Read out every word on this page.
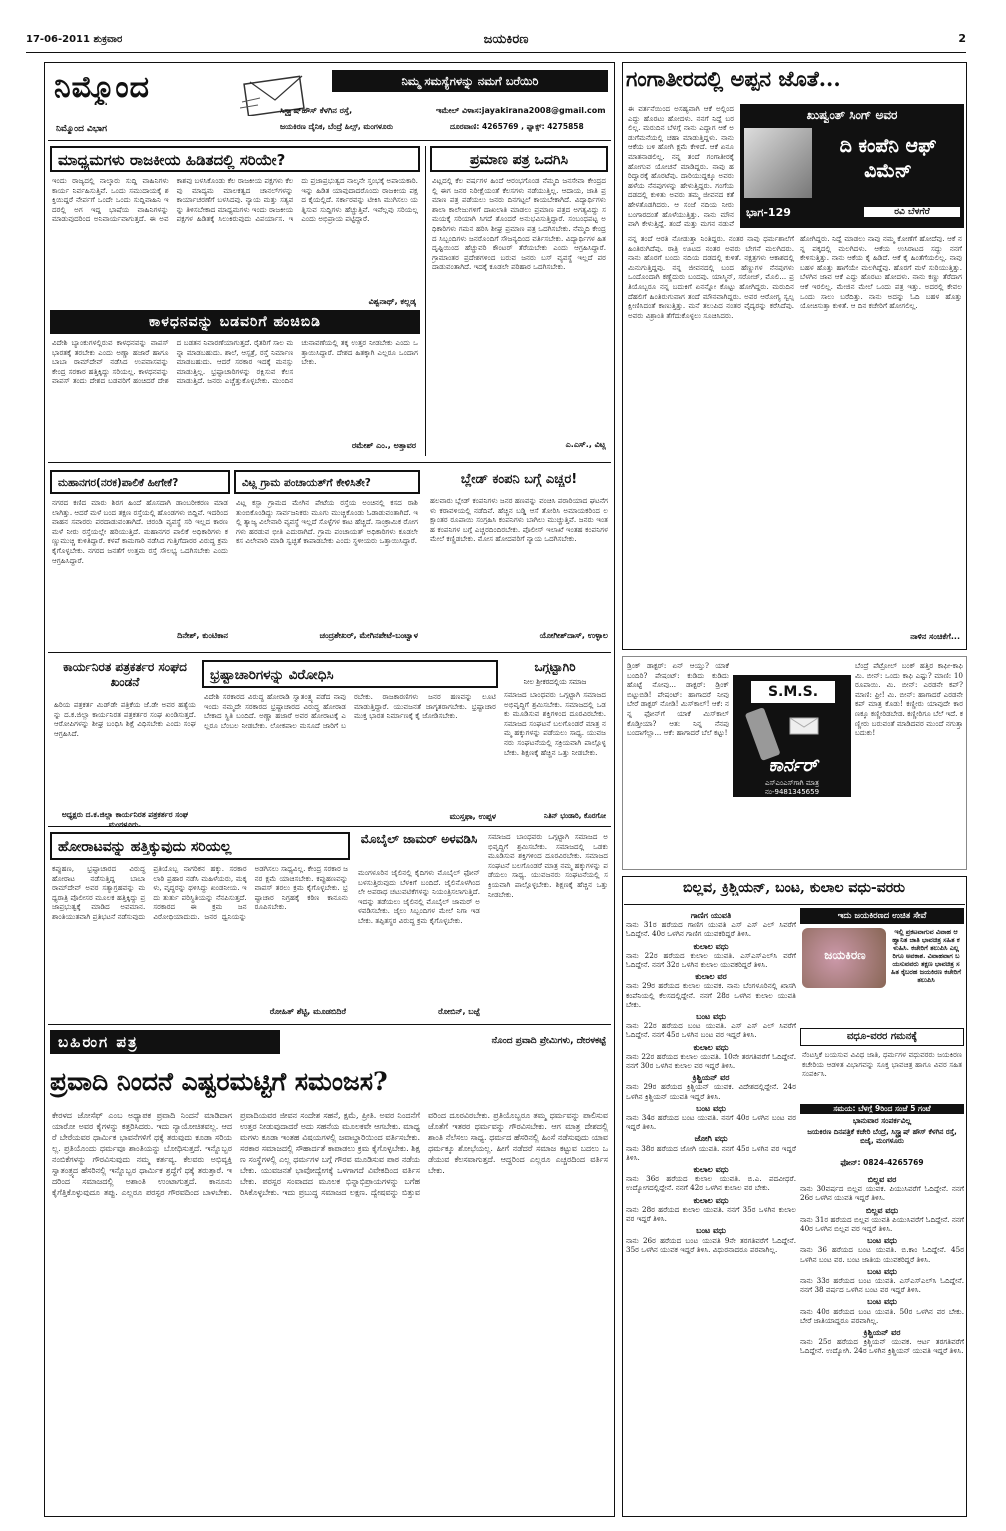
17-06-2011 ಶುಕ್ರವಾರ	ಜಯಕಿರಣ	2
ನಿಮ್ಮೊಂದ	ನಿಮ್ಮ ಸಮಸ್ಯೆಗಳನ್ನು ನಮಗೆ ಬರೆಯಿರಿ
ಸಿಸ್ಟ್ರ್ಯಾಷ್‌ಹೌಸ್ ಕೆಳಗಿನ ರಸ್ತೆ,	ಇಮೇಲ್ ವಿಳಾಸ:jayakirana2008@gmail.com
ಜಯಕಿರಣ ದೈನಿಕ, ಬೆಂದ್ರೆ ಹಿಲ್ಸ್, ಮಂಗಳೂರು	ದೂರವಾಣಿ: 4265769 , ಫ್ಯಾಕ್ಸ್: 4275858
ನಿಮ್ಮೊಂದ ವಿಭಾಗ
ಮಾಧ್ಯಮಗಳು ರಾಜಕೀಯ ಹಿಡಿತದಲ್ಲಿ ಸರಿಯೇ?
ಇಂದು ರಾಜ್ಯದಲ್ಲಿ ನಾಲ್ಕಾರು ಸುದ್ದಿ ವಾಹಿನಿಗಳು ಕಾರ್ಯ ನಿರ್ವಹಿಸುತ್ತಿವೆ. ಒಂದು ಸಮುದಾಯಕ್ಕೆ ಶಕ್ತಿಯಿದ್ದರೆ ನೇರ್ಪಗೆ ಒಂದೇ ಒಂದು ಸುದ್ದಿವಾಹಿನಿ ಇದರಲ್ಲಿ ಅಗ ಇದ್ದ ಭಾಷೆಯ ವಾಹಿನಿಗಳನ್ನು ಮಾಡುವುದರಿಂದ ಅನಿವಾರ್ಯವಾಗುತ್ತದೆ. ಈ ಅವಕಾಶವು ಬಳಸಿಕೊಂಡು ಕೆಲ ರಾಜಕೀಯ ಪಕ್ಷಗಳು ಕೆಲವು ಮಾದ್ಯಮ ಮಾಲಕತ್ವದ ಚಾನಲ್‌ಗಳನ್ನು ಕಾರ್ಯಾಚರಣೆಗೆ ಬಳಸಿದವು. ನ್ಯಾಯ ಮತ್ತು ಸತ್ಯವನ್ನು ತಿಳಿಸಬೇಕಾದ ಮಾಧ್ಯಮಗಳು ಇಂದು ರಾಜಕೀಯ ಪಕ್ಷಗಳ ಹಿಡಿತಕ್ಕೆ ಸಿಲುಕಿರುವುದು ವಿಪರ್ಯಾಸ. ಇದು ಪ್ರಜಾಪ್ರಭುತ್ವದ ನಾಲ್ಕನೇ ಸ್ತಂಭಕ್ಕೆ ಅಪಾಯಕಾರಿ. ಇನ್ನು ಹಿಡಿತ ಯಾವುದಾದರೊಂದು ರಾಜಕೀಯ ಪಕ್ಷದ ಕೈಯಲ್ಲಿದೆ. ಸರ್ಕಾರವನ್ನು ಟೀಕಿಸಿ ಮುಗಿಸಲು ಯತ್ನಿಸುವ ಸುದ್ದಿಗಳು ಹೆಚ್ಚುತ್ತಿವೆ. ಇವೆಲ್ಲವು ಸರಿಯಲ್ಲ ಎಂದು ಅಭಿಪ್ರಾಯ ಪಟ್ಟಿದ್ದಾರೆ.
ವಿಶ್ವನಾಥ್, ಕಲ್ಲಡ್ಕ
ಕಾಳಧನವನ್ನು ಬಡವರಿಗೆ ಹಂಚಿಬಿಡಿ
ವಿದೇಶಿ ಬ್ಯಾಂಕುಗಳಲ್ಲಿರುವ ಕಾಳಧನವನ್ನು ವಾಪಸ್ ಭಾರತಕ್ಕೆ ತರಬೇಕು ಎಂದು ಅಣ್ಣಾ ಹಜಾರೆ ಹಾಗೂ ಬಾಬಾ ರಾಮ್‌ದೇವ್ ನಡೆಸಿದ ಉಪವಾಸವನ್ನು ಕೇಂದ್ರ ಸರಕಾರ ಹತ್ತಿಕ್ಕಿದ್ದು ಸರಿಯಲ್ಲ. ಕಾಳಧನವನ್ನು ವಾಪಸ್ ತಂದು ದೇಶದ ಬಡವರಿಗೆ ಹಂಚಿದರೆ ದೇಶದ ಬಡತನ ನಿವಾರಣೆಯಾಗುತ್ತದೆ. ರೈತರಿಗೆ ಸಾಲ ಮನ್ನಾ ಮಾಡಬಹುದು. ಶಾಲೆ, ಆಸ್ಪತ್ರೆ, ರಸ್ತೆ ನಿರ್ಮಾಣ ಮಾಡಬಹುದು. ಆದರೆ ಸರಕಾರ ಇದಕ್ಕೆ ಮನಸ್ಸು ಮಾಡುತ್ತಿಲ್ಲ. ಭ್ರಷ್ಟಾಚಾರಿಗಳನ್ನು ರಕ್ಷಿಸುವ ಕೆಲಸ ಮಾಡುತ್ತಿದೆ. ಜನರು ಎಚ್ಚೆತ್ತುಕೊಳ್ಳಬೇಕು. ಮುಂದಿನ ಚುನಾವಣೆಯಲ್ಲಿ ತಕ್ಕ ಉತ್ತರ ನೀಡಬೇಕು ಎಂದು ಒತ್ತಾಯಿಸಿದ್ದಾರೆ. ದೇಶದ ಹಿತಕ್ಕಾಗಿ ಎಲ್ಲರೂ ಒಂದಾಗಬೇಕು.
ರಮೇಶ್ ಎಂ., ಅತ್ತಾವರ
ಪ್ರಮಾಣ ಪತ್ರ ಒದಗಿಸಿ
ವಿಟ್ಲದಲ್ಲಿ ಕೆಲ ವರ್ಷಗಳ ಹಿಂದೆ ಆರಂಭಗೊಂಡ ನೆಮ್ಮದಿ ಜನಸೇವಾ ಕೇಂದ್ರದಲ್ಲಿ ಈಗ ಜನರ ನಿರೀಕ್ಷೆಯಂತೆ ಕೆಲಸಗಳು ನಡೆಯುತ್ತಿಲ್ಲ. ಆದಾಯ, ಜಾತಿ ಪ್ರಮಾಣ ಪತ್ರ ಪಡೆಯಲು ಜನರು ದಿನಗಟ್ಟಲೆ ಕಾಯಬೇಕಾಗಿದೆ. ವಿದ್ಯಾರ್ಥಿಗಳು ಶಾಲಾ ಕಾಲೇಜುಗಳಿಗೆ ದಾಖಲಾತಿ ಮಾಡಲು ಪ್ರಮಾಣ ಪತ್ರದ ಅಗತ್ಯವಿದ್ದು ಸಮಯಕ್ಕೆ ಸರಿಯಾಗಿ ಸಿಗದೆ ತೊಂದರೆ ಅನುಭವಿಸುತ್ತಿದ್ದಾರೆ. ಸಂಬಂಧಪಟ್ಟ ಅಧಿಕಾರಿಗಳು ಗಮನ ಹರಿಸಿ ಶೀಘ್ರ ಪ್ರಮಾಣ ಪತ್ರ ಒದಗಿಸಬೇಕು. ನೆಮ್ಮದಿ ಕೇಂದ್ರದ ಸಿಬ್ಬಂದಿಗಳು ಜನರೊಂದಿಗೆ ಸೌಜನ್ಯದಿಂದ ವರ್ತಿಸಬೇಕು. ವಿದ್ಯಾರ್ಥಿಗಳ ಹಿತದೃಷ್ಟಿಯಿಂದ ಹೆಚ್ಚುವರಿ ಕೌಂಟರ್ ತೆರೆಯಬೇಕು ಎಂದು ಆಗ್ರಹಿಸಿದ್ದಾರೆ. ಗ್ರಾಮಾಂತರ ಪ್ರದೇಶಗಳಿಂದ ಬರುವ ಜನರು ಬಸ್ ವ್ಯವಸ್ಥೆ ಇಲ್ಲದೆ ಪರದಾಡುವಂತಾಗಿದೆ. ಇದಕ್ಕೆ ಕೂಡಲೇ ಪರಿಹಾರ ಒದಗಿಸಬೇಕು.
ಎ.ಎಸ್., ವಿಟ್ಲ
ಮಹಾನಗರ(ನರಕ)ಪಾಲಿಕೆ ಹೀಗೇಕೆ?
ನಗರದ ಕಣಿದ ಮಾರು ಶಿರಗ ಹಿಂದೆ ಹೊಸದಾಗಿ ಡಾಂಬರೀಕರಣ ಮಾಡಲಾಗಿತ್ತು. ಆದರೆ ಮಳೆ ಬಂದ ತಕ್ಷಣ ರಸ್ತೆಯಲ್ಲಿ ಹೊಂಡಗಳು ಬಿದ್ದಿವೆ. ಇದರಿಂದ ವಾಹನ ಸವಾರರು ಪರದಾಡುವಂತಾಗಿದೆ. ಚರಂಡಿ ವ್ಯವಸ್ಥೆ ಸರಿ ಇಲ್ಲದ ಕಾರಣ ಮಳೆ ನೀರು ರಸ್ತೆಯಲ್ಲೇ ಹರಿಯುತ್ತಿದೆ. ಮಹಾನಗರ ಪಾಲಿಕೆ ಅಧಿಕಾರಿಗಳು ಕಣ್ಣುಮುಚ್ಚಿ ಕುಳಿತಿದ್ದಾರೆ. ಕಳಪೆ ಕಾಮಗಾರಿ ನಡೆಸಿದ ಗುತ್ತಿಗೆದಾರರ ವಿರುದ್ಧ ಕ್ರಮ ಕೈಗೊಳ್ಳಬೇಕು. ನಗರದ ಜನತೆಗೆ ಉತ್ತಮ ರಸ್ತೆ ಸೌಲಭ್ಯ ಒದಗಿಸಬೇಕು ಎಂದು ಆಗ್ರಹಿಸಿದ್ದಾರೆ.
ದಿನೇಶ್, ಕುಂಟಿಕಾನ
ವಿಟ್ಲ ಗ್ರಾಮ ಪಂಚಾಯತ್‌ಗೆ ಕೇಳಿಸಿತೇ?
ವಿಟ್ಲ ಕಸ್ಬಾ ಗ್ರಾಮದ ಮೇಗಿನ ಪೇಟೆಯ ರಸ್ತೆಯ ಅಂಚಿನಲ್ಲಿ ಕಸದ ರಾಶಿ ತುಂಬಿಕೊಂಡಿದ್ದು ಸಾರ್ವಜನಿಕರು ಮೂಗು ಮುಚ್ಚಿಕೊಂಡು ಓಡಾಡುವಂತಾಗಿದೆ. ಇಲ್ಲಿ ತ್ಯಾಜ್ಯ ವಿಲೇವಾರಿ ವ್ಯವಸ್ಥೆ ಇಲ್ಲದೆ ಸೊಳ್ಳೆಗಳ ಕಾಟ ಹೆಚ್ಚಿದೆ. ಸಾಂಕ್ರಾಮಿಕ ರೋಗಗಳು ಹರಡುವ ಭೀತಿ ಎದುರಾಗಿದೆ. ಗ್ರಾಮ ಪಂಚಾಯತ್ ಅಧಿಕಾರಿಗಳು ಕೂಡಲೇ ಕಸ ವಿಲೇವಾರಿ ಮಾಡಿ ಸ್ವಚ್ಛತೆ ಕಾಪಾಡಬೇಕು ಎಂದು ಸ್ಥಳೀಯರು ಒತ್ತಾಯಿಸಿದ್ದಾರೆ.
ಚಂದ್ರಶೇಖರ್, ಮೇಗಿನಪೇಟೆ-ಬಂಟ್ವಾಳ
ಬ್ಲೇಡ್ ಕಂಪನಿ ಬಗ್ಗೆ ಎಚ್ಚರ!
ಹಲವಾರು ಬ್ಲೇಡ್ ಕಂಪನಿಗಳು ಜನರ ಹಣವನ್ನು ವಂಚಿಸಿ ಪರಾರಿಯಾದ ಘಟನೆಗಳು ಕರಾವಳಿಯಲ್ಲಿ ನಡೆದಿವೆ. ಹೆಚ್ಚಿನ ಬಡ್ಡಿ ಆಸೆ ತೋರಿಸಿ ಅಮಾಯಕರಿಂದ ಲಕ್ಷಾಂತರ ರೂಪಾಯಿ ಸಂಗ್ರಹಿಸಿ ಕಂಪನಿಗಳು ಬಾಗಿಲು ಮುಚ್ಚುತ್ತಿವೆ. ಜನರು ಇಂತಹ ಕಂಪನಿಗಳ ಬಗ್ಗೆ ಎಚ್ಚರದಿಂದಿರಬೇಕು. ಪೊಲೀಸ್ ಇಲಾಖೆ ಇಂತಹ ಕಂಪನಿಗಳ ಮೇಲೆ ಕಣ್ಣಿಡಬೇಕು. ಮೋಸ ಹೋದವರಿಗೆ ನ್ಯಾಯ ಒದಗಿಸಬೇಕು.
ಯೋಗೀಶ್‌ದಾಸ್, ಉಳ್ಳಾಲ
ಕಾರ್ಯನಿರತ ಪತ್ರಕರ್ತರ ಸಂಘದ ಖಂಡನೆ
ಹಿರಿಯ ಪತ್ರಕರ್ತ ಮಿಡ್‌ಡೇ ಪತ್ರಿಕೆಯ ಜೆ.ಡೇ ಅವರ ಹತ್ಯೆಯನ್ನು ದ.ಕ.ಜಿಲ್ಲಾ ಕಾರ್ಯನಿರತ ಪತ್ರಕರ್ತರ ಸಂಘ ಖಂಡಿಸುತ್ತದೆ. ಆರೋಪಿಗಳನ್ನು ಶೀಘ್ರ ಬಂಧಿಸಿ ಶಿಕ್ಷೆ ವಿಧಿಸಬೇಕು ಎಂದು ಸಂಘ ಆಗ್ರಹಿಸಿದೆ.
ಅಧ್ಯಕ್ಷರು ದ.ಕ.ಜಿಲ್ಲಾ ಕಾರ್ಯನಿರತ ಪತ್ರಕರ್ತರ ಸಂಘ ಮಂಗಳೂರು.
ಭ್ರಷ್ಟಾಚಾರಿಗಳನ್ನು ವಿರೋಧಿಸಿ
ವಿದೇಶಿ ಸರಕಾರದ ವಿರುದ್ಧ ಹೋರಾಡಿ ಸ್ವಾತಂತ್ರ್ಯ ಪಡೆದ ನಾವು ಇಂದು ನಮ್ಮದೇ ಸರಕಾರದ ಭ್ರಷ್ಟಾಚಾರದ ವಿರುದ್ಧ ಹೋರಾಡಬೇಕಾದ ಸ್ಥಿತಿ ಬಂದಿದೆ. ಅಣ್ಣಾ ಹಜಾರೆ ಅವರ ಹೋರಾಟಕ್ಕೆ ಎಲ್ಲರೂ ಬೆಂಬಲ ನೀಡಬೇಕು. ಲೋಕಪಾಲ ಮಸೂದೆ ಜಾರಿಗೆ ಬರಬೇಕು. ರಾಜಕಾರಣಿಗಳು ಜನರ ಹಣವನ್ನು ಲೂಟಿ ಮಾಡುತ್ತಿದ್ದಾರೆ. ಯುವಜನತೆ ಜಾಗೃತರಾಗಬೇಕು. ಭ್ರಷ್ಟಾಚಾರ ಮುಕ್ತ ಭಾರತ ನಿರ್ಮಾಣಕ್ಕೆ ಕೈ ಜೋಡಿಸಬೇಕು.
ಮುಸ್ತಫಾ, ಉಪ್ಪಳ
ಒಗ್ಗಟ್ಟಾಗಿರಿ
ನೀಲ ಶ್ರೀಕರದಲ್ಲಿಯ ಸಮಾಜ
ಸಮಾಜದ ಬಾಂಧವರು ಒಗ್ಗಟ್ಟಾಗಿ ಸಮಾಜದ ಅಭಿವೃದ್ಧಿಗೆ ಶ್ರಮಿಸಬೇಕು. ಸಮಾಜದಲ್ಲಿ ಒಡಕು ಮೂಡಿಸುವ ಶಕ್ತಿಗಳಿಂದ ದೂರವಿರಬೇಕು. ಸಮಾಜದ ಸಂಘಟನೆ ಬಲಗೊಂಡರೆ ಮಾತ್ರ ನಮ್ಮ ಹಕ್ಕುಗಳನ್ನು ಪಡೆಯಲು ಸಾಧ್ಯ. ಯುವಜನರು ಸಂಘಟನೆಯಲ್ಲಿ ಸಕ್ರಿಯವಾಗಿ ಪಾಲ್ಗೊಳ್ಳಬೇಕು. ಶಿಕ್ಷಣಕ್ಕೆ ಹೆಚ್ಚಿನ ಒತ್ತು ನೀಡಬೇಕು.
ನಿತಿನ್ ಭಂಡಾರಿ, ಕೊರಗೋ
ಹೋರಾಟವನ್ನು ಹತ್ತಿಕ್ಕುವುದು ಸರಿಯಲ್ಲ
ಕಪ್ಪುಹಣ, ಭ್ರಷ್ಟಾಚಾರದ ವಿರುದ್ಧ ಹೋರಾಟ ನಡೆಸುತ್ತಿದ್ದ ಬಾಬಾ ರಾಮ್‌ದೇವ್ ಅವರ ಸತ್ಯಾಗ್ರಹವನ್ನು ಮಧ್ಯರಾತ್ರಿ ಪೊಲೀಸರ ಮೂಲಕ ಹತ್ತಿಕ್ಕಿದ್ದು ಪ್ರಜಾಪ್ರಭುತ್ವಕ್ಕೆ ಮಾಡಿದ ಅವಮಾನ. ಶಾಂತಿಯುತವಾಗಿ ಪ್ರತಿಭಟನೆ ನಡೆಸುವುದು ಪ್ರತಿಯೊಬ್ಬ ನಾಗರಿಕನ ಹಕ್ಕು. ಸರಕಾರ ಲಾಠಿ ಪ್ರಹಾರ ನಡೆಸಿ ಮಹಿಳೆಯರು, ಮಕ್ಕಳು, ವೃದ್ಧರನ್ನು ಥಳಿಸಿದ್ದು ಖಂಡನೀಯ. ಇದು ತುರ್ತು ಪರಿಸ್ಥಿತಿಯನ್ನು ನೆನಪಿಸುತ್ತದೆ. ಸರಕಾರದ ಈ ಕ್ರಮ ಜನವಿರೋಧಿಯಾದುದು. ಜನರ ಧ್ವನಿಯನ್ನು ಅಡಗಿಸಲು ಸಾಧ್ಯವಿಲ್ಲ. ಕೇಂದ್ರ ಸರಕಾರ ಜನರ ಕ್ಷಮೆ ಯಾಚಿಸಬೇಕು. ಕಪ್ಪುಹಣವನ್ನು ವಾಪಸ್ ತರಲು ಕ್ರಮ ಕೈಗೊಳ್ಳಬೇಕು. ಭ್ರಷ್ಟಾಚಾರ ನಿಗ್ರಹಕ್ಕೆ ಕಠಿಣ ಕಾನೂನು ರೂಪಿಸಬೇಕು.
ರೋಹಿತ್ ಶೆಟ್ಟಿ, ಮೂಡಬಿದಿರೆ
ಮೊಬೈಲ್ ಜಾಮರ್ ಅಳವಡಿಸಿ
ಮಂಗಳೂರಿನ ಜೈಲಿನಲ್ಲಿ ಕೈದಿಗಳು ಮೊಬೈಲ್ ಫೋನ್ ಬಳಸುತ್ತಿರುವುದು ಬೆಳಕಿಗೆ ಬಂದಿದೆ. ಜೈಲಿನೊಳಗಿಂದಲೇ ಅಪರಾಧ ಚಟುವಟಿಕೆಗಳನ್ನು ನಿಯಂತ್ರಿಸಲಾಗುತ್ತಿದೆ. ಇದನ್ನು ತಡೆಯಲು ಜೈಲಿನಲ್ಲಿ ಮೊಬೈಲ್ ಜಾಮರ್ ಅಳವಡಿಸಬೇಕು. ಜೈಲು ಸಿಬ್ಬಂದಿಗಳ ಮೇಲೆ ನಿಗಾ ಇಡಬೇಕು. ತಪ್ಪಿತಸ್ಥರ ವಿರುದ್ಧ ಕ್ರಮ ಕೈಗೊಳ್ಳಬೇಕು.
ರೋಬಿನ್, ಬಜ್ಪೆ
ಸಮಾಜದ ಬಾಂಧವರು ಒಗ್ಗಟ್ಟಾಗಿ ಸಮಾಜದ ಅಭಿವೃದ್ಧಿಗೆ ಶ್ರಮಿಸಬೇಕು. ಸಮಾಜದಲ್ಲಿ ಒಡಕು ಮೂಡಿಸುವ ಶಕ್ತಿಗಳಿಂದ ದೂರವಿರಬೇಕು. ಸಮಾಜದ ಸಂಘಟನೆ ಬಲಗೊಂಡರೆ ಮಾತ್ರ ನಮ್ಮ ಹಕ್ಕುಗಳನ್ನು ಪಡೆಯಲು ಸಾಧ್ಯ. ಯುವಜನರು ಸಂಘಟನೆಯಲ್ಲಿ ಸಕ್ರಿಯವಾಗಿ ಪಾಲ್ಗೊಳ್ಳಬೇಕು. ಶಿಕ್ಷಣಕ್ಕೆ ಹೆಚ್ಚಿನ ಒತ್ತು ನೀಡಬೇಕು.
ಬಹಿರಂಗ ಪತ್ರ	ನೊಂದ ಪ್ರವಾದಿ ಪ್ರೇಮಿಗಳು, ದೇರಳಕಟ್ಟೆ
ಪ್ರವಾದಿ ನಿಂದನೆ ಎಷ್ಟರಮಟ್ಟಿಗೆ ಸಮಂಜಸ?
ಕೇರಳದ ಜೋಸೆಫ್ ಎಂಬ ಅಧ್ಯಾಪಕ ಪ್ರವಾದಿ ನಿಂದನೆ ಮಾಡಿದಾಗ ಯಾರೋ ಅವರ ಕೈಗಳನ್ನು ಕತ್ತರಿಸಿದರು. ಇದು ನ್ಯಾಯೋಚಿತವಲ್ಲ. ಆದರೆ ಬೇರೆಯವರ ಧಾರ್ಮಿಕ ಭಾವನೆಗಳಿಗೆ ಧಕ್ಕೆ ತರುವುದು ಕೂಡಾ ಸರಿಯಲ್ಲ. ಪ್ರತಿಯೊಂದು ಧರ್ಮವೂ ಶಾಂತಿಯನ್ನು ಬೋಧಿಸುತ್ತದೆ. ಇನ್ನೊಬ್ಬರ ನಂಬಿಕೆಗಳನ್ನು ಗೌರವಿಸುವುದು ನಮ್ಮ ಕರ್ತವ್ಯ. ಕೆಲವರು ಅಭಿವ್ಯಕ್ತಿ ಸ್ವಾತಂತ್ರ್ಯದ ಹೆಸರಿನಲ್ಲಿ ಇನ್ನೊಬ್ಬರ ಧಾರ್ಮಿಕ ಶ್ರದ್ಧೆಗೆ ಧಕ್ಕೆ ತರುತ್ತಾರೆ. ಇದರಿಂದ ಸಮಾಜದಲ್ಲಿ ಅಶಾಂತಿ ಉಂಟಾಗುತ್ತದೆ. ಕಾನೂನು ಕೈಗೆತ್ತಿಕೊಳ್ಳುವುದೂ ತಪ್ಪು. ಎಲ್ಲರೂ ಪರಸ್ಪರ ಗೌರವದಿಂದ ಬಾಳಬೇಕು. ಪ್ರವಾದಿಯವರ ಜೀವನ ಸಂದೇಶ ಸಹನೆ, ಕ್ಷಮೆ, ಪ್ರೀತಿ. ಅವರ ನಿಂದನೆಗೆ ಉತ್ತರ ನೀಡುವುದಾದರೆ ಅದು ಸಹನೆಯ ಮೂಲಕವೇ ಆಗಬೇಕು. ಮಾಧ್ಯಮಗಳು ಕೂಡಾ ಇಂತಹ ವಿಷಯಗಳಲ್ಲಿ ಜವಾಬ್ದಾರಿಯಿಂದ ವರ್ತಿಸಬೇಕು. ಸರಕಾರ ಸಮಾಜದಲ್ಲಿ ಸೌಹಾರ್ದತೆ ಕಾಪಾಡಲು ಕ್ರಮ ಕೈಗೊಳ್ಳಬೇಕು. ಶಿಕ್ಷಣ ಸಂಸ್ಥೆಗಳಲ್ಲಿ ಎಲ್ಲ ಧರ್ಮಗಳ ಬಗ್ಗೆ ಗೌರವ ಮೂಡಿಸುವ ಪಾಠ ನಡೆಯಬೇಕು. ಯುವಜನತೆ ಭಾವೋದ್ವೇಗಕ್ಕೆ ಒಳಗಾಗದೆ ವಿವೇಕದಿಂದ ವರ್ತಿಸಬೇಕು. ಪರಸ್ಪರ ಸಂವಾದದ ಮೂಲಕ ಭಿನ್ನಾಭಿಪ್ರಾಯಗಳನ್ನು ಬಗೆಹರಿಸಿಕೊಳ್ಳಬೇಕು. ಇದು ಪ್ರಬುದ್ಧ ಸಮಾಜದ ಲಕ್ಷಣ. ದ್ವೇಷವನ್ನು ಬಿತ್ತುವವರಿಂದ ದೂರವಿರಬೇಕು. ಪ್ರತಿಯೊಬ್ಬರೂ ತಮ್ಮ ಧರ್ಮವನ್ನು ಪಾಲಿಸುವ ಜೊತೆಗೆ ಇತರರ ಧರ್ಮವನ್ನು ಗೌರವಿಸಬೇಕು. ಆಗ ಮಾತ್ರ ದೇಶದಲ್ಲಿ ಶಾಂತಿ ನೆಲೆಸಲು ಸಾಧ್ಯ. ಧರ್ಮದ ಹೆಸರಿನಲ್ಲಿ ಹಿಂಸೆ ನಡೆಸುವುದು ಯಾವ ಧರ್ಮಕ್ಕೂ ಶೋಭೆಯಲ್ಲ. ಹೀಗೆ ನಡೆದರೆ ಸಮಾಜ ಕಟ್ಟುವ ಬದಲು ಒಡೆಯುವ ಕೆಲಸವಾಗುತ್ತದೆ. ಆದ್ದರಿಂದ ಎಲ್ಲರೂ ಎಚ್ಚರದಿಂದ ವರ್ತಿಸಬೇಕು.
ಗಂಗಾತೀರದಲ್ಲಿ ಅಪ್ಪನ ಜೊತೆ...
ಈ ವರ್ತನೆಯಿಂದ ಅಸಹ್ಯವಾಗಿ ಆಕೆ ಅಲ್ಲಿಂದ ಎದ್ದು ಹೊರಟು ಹೋದಳು. ನನಗೆ ನಿದ್ದೆ ಬರಲಿಲ್ಲ. ಮರುದಿನ ಬೆಳಗ್ಗೆ ನಾನು ಎದ್ದಾಗ ಆಕೆ ಅಡುಗೆಮನೆಯಲ್ಲಿ ಚಹಾ ಮಾಡುತ್ತಿದ್ದಳು. ನಾನು ಆಕೆಯ ಬಳಿ ಹೋಗಿ ಕ್ಷಮೆ ಕೇಳಿದೆ. ಆಕೆ ಏನೂ ಮಾತನಾಡಲಿಲ್ಲ. ನನ್ನ ತಂದೆ ಗಂಗಾತೀರಕ್ಕೆ ಹೋಗುವ ಯೋಚನೆ ಮಾಡಿದ್ದರು. ನಾವು ಹರಿದ್ವಾರಕ್ಕೆ ಹೊರಟೆವು. ದಾರಿಯುದ್ದಕ್ಕೂ ಅವರು ಹಳೆಯ ನೆನಪುಗಳನ್ನು ಹೇಳುತ್ತಿದ್ದರು. ಗಂಗೆಯ ದಡದಲ್ಲಿ ಕುಳಿತು ಅವರು ತಮ್ಮ ಜೀವನದ ಕತೆ ಹೇಳತೊಡಗಿದರು. ಆ ಸಂಜೆ ನದಿಯ ನೀರು ಬಂಗಾರದಂತೆ ಹೊಳೆಯುತ್ತಿತ್ತು. ನಾನು ಮೌನವಾಗಿ ಕೇಳುತ್ತಿದ್ದೆ. ತಂದೆ ಮತ್ತು ಮಗನ ನಡುವೆ
ಖುಷ್ವಂತ್ ಸಿಂಗ್ ಅವರ
ದಿ ಕಂಪೆನಿ ಆಫ್ ವಿಮೆನ್
ಭಾಗ-129	ರವಿ ಬೆಳಗೆರೆ
ನನ್ನ ತಂದೆ ಆರತಿ ನೋಡುತ್ತಾ ನಿಂತಿದ್ದರು. ನಂತರ ನಾವು ಧರ್ಮಶಾಲೆಗೆ ಹಿಂತಿರುಗಿದೆವು. ರಾತ್ರಿ ಊಟದ ನಂತರ ಅವರು ಬೇಗನೆ ಮಲಗಿದರು. ನಾನು ಹೊರಗೆ ಬಂದು ನದಿಯ ದಡದಲ್ಲಿ ಕುಳಿತೆ. ನಕ್ಷತ್ರಗಳು ಆಕಾಶದಲ್ಲಿ ಮಿನುಗುತ್ತಿದ್ದವು. ನನ್ನ ಜೀವನದಲ್ಲಿ ಬಂದ ಹೆಣ್ಣುಗಳ ನೆನಪುಗಳು ಒಂದೊಂದಾಗಿ ಕಣ್ಣೆದುರು ಬಂದವು. ಯಾಸ್ಮಿನ್, ಸರೋಜ್, ಮೊಲಿ... ಪ್ರತಿಯೊಬ್ಬರೂ ನನ್ನ ಬದುಕಿಗೆ ಏನನ್ನೋ ಕೊಟ್ಟು ಹೋಗಿದ್ದರು. ಮರುದಿನ ದೆಹಲಿಗೆ ಹಿಂತಿರುಗುವಾಗ ತಂದೆ ಮೌನವಾಗಿದ್ದರು. ಅವರ ಆರೋಗ್ಯ ಸ್ವಲ್ಪ ಕ್ಷೀಣಿಸಿದಂತೆ ಕಾಣುತ್ತಿತ್ತು. ಮನೆ ತಲುಪಿದ ನಂತರ ವೈದ್ಯರನ್ನು ಕರೆಸಿದೆವು. ಅವರು ವಿಶ್ರಾಂತಿ ತೆಗೆದುಕೊಳ್ಳಲು ಸೂಚಿಸಿದರು.
ಹೋಗಿದ್ದರು. ನಿದ್ದೆ ಮಾಡಲು ನಾವು ನಮ್ಮ ಕೋಣೆಗೆ ಹೋದೆವು. ಆಕೆ ನನ್ನ ಪಕ್ಕದಲ್ಲಿ ಮಲಗಿದಳು. ಆಕೆಯ ಉಸಿರಾಟದ ಸದ್ದು ನನಗೆ ಕೇಳಿಸುತ್ತಿತ್ತು. ನಾನು ಆಕೆಯ ಕೈ ಹಿಡಿದೆ. ಆಕೆ ಕೈ ಹಿಂತೆಗೆಯಲಿಲ್ಲ. ನಾವು ಬಹಳ ಹೊತ್ತು ಹಾಗೆಯೇ ಮಲಗಿದ್ದೆವು. ಹೊರಗೆ ಮಳೆ ಸುರಿಯುತ್ತಿತ್ತು. ಬೆಳಗಿನ ಜಾವ ಆಕೆ ಎದ್ದು ಹೊರಟು ಹೋದಳು. ನಾನು ಕಣ್ಣು ತೆರೆದಾಗ ಆಕೆ ಇರಲಿಲ್ಲ. ಮೇಜಿನ ಮೇಲೆ ಒಂದು ಪತ್ರ ಇತ್ತು. ಅದರಲ್ಲಿ ಕೇವಲ ಒಂದು ಸಾಲು ಬರೆದಿತ್ತು. ನಾನು ಅದನ್ನು ಓದಿ ಬಹಳ ಹೊತ್ತು ಯೋಚಿಸುತ್ತಾ ಕುಳಿತೆ. ಆ ದಿನ ಕಚೇರಿಗೆ ಹೋಗಲಿಲ್ಲ.
ನಾಳಿನ ಸಂಚಿಕೆಗೆ...
ಡ್ರಿಂಕ್ ಡಾಕ್ಟರ್: ಏನ್ ಆಯ್ತು? ಯಾಕೆ ಬಂದಿರಿ? ಪೇಷಂಟ್: ಕುಡಿದು ಕುಡಿದು ಹೊಟ್ಟೆ ನೋವು... ಡಾಕ್ಟರ್: ಡ್ರಿಂಕ್ ಬಿಟ್ಟುಬಿಡಿ! ಪೇಷಂಟ್: ಹಾಗಾದರೆ ನೀವು ಬೇರೆ ಡಾಕ್ಟರ್ ನೋಡಿ! ಮಿಸ್‌ಕಾಲ್! ಆಕೆ: ನನ್ನ ಫೋನ್‌ಗೆ ಯಾಕೆ ಮಿಸ್‌ಕಾಲ್ ಕೊಡ್ತೀಯಾ? ಆತ: ನಿನ್ನ ನೆನಪು ಬಂದಾಗೆಲ್ಲಾ... ಆಕೆ: ಹಾಗಾದರೆ ಬೆಲೆ ಕಟ್ಟು!
S.M.S.
ಕಾರ್ನರ್
ಎಸ್‌ಎಂಎಸ್‌ಗಾಗಿ ಮಾತ್ರ
ನಂ-9481345659
ಬೆಂದ್ರೆ ಪೆಟ್ರೋಲ್ ಬಂಕ್ ಹತ್ತಿರ ಕಾಫೀ-ಕಾಫಿ ಮಿ. ಬೀನ್: ಒಂದು ಕಾಫಿ ಎಷ್ಟು? ಮಾಣಿ: 10 ರೂಪಾಯಿ. ಮಿ. ಬೀನ್: ಎರಡನೇ ಕಪ್? ಮಾಣಿ: ಫ್ರೀ! ಮಿ. ಬೀನ್: ಹಾಗಾದರೆ ಎರಡನೇ ಕಪ್ ಮಾತ್ರ ಕೊಡು! ಕಣ್ಣೀರು ಯಾವುದೇ ಕಾರಣಕ್ಕೂ ಕಣ್ಣೀರಿಡಬೇಡ. ಕಣ್ಣೀರಿಗೂ ಬೆಲೆ ಇದೆ. ಕಣ್ಣೀರು ಬರುವಂತೆ ಮಾಡಿದವರ ಮುಂದೆ ನಗುತ್ತಾ ಬದುಕು!
ಬಿಲ್ಲವ, ಕ್ರಿಶ್ಚಿಯನ್, ಬಂಟ, ಕುಲಾಲ ವಧು-ವರರು
ಗಾಣಿಗ ಯುವತಿ
ನಾನು 31ರ ಹರೆಯದ ಗಾಣಿಗ ಯುವತಿ ಎಸ್ ಎಸ್ ಎಲ್ ಸಿವರೆಗೆ ಓದಿದ್ದೇನೆ. 40ರ ಒಳಗಿನ ಗಾಣಿಗ ಯುವಕರಿದ್ದರೆ ತಿಳಿಸಿ.
ಕುಲಾಲ ವಧು
ನಾನು 22ರ ಹರೆಯದ ಕುಲಾಲ ಯುವತಿ. ಎಸ್ಎಸ್ಎಲ್‌ಸಿ ವರೆಗೆ ಓದಿದ್ದೇನೆ. ನನಗೆ 32ರ ಒಳಗಿನ ಕುಲಾಲ ಯುವಕರಿದ್ದರೆ ತಿಳಿಸಿ.
ಕುಲಾಲ ವರ
ನಾನು 29ರ ಹರೆಯದ ಕುಲಾಲ ಯುವಕ. ನಾನು ಬೆಂಗಳೂರಿನಲ್ಲಿ ಖಾಸಗಿ ಕಂಪೆನಿಯಲ್ಲಿ ಕೆಲಸದಲ್ಲಿದ್ದೇನೆ. ನನಗೆ 28ರ ಒಳಗಿನ ಕುಲಾಲ ಯುವತಿ ಬೇಕು.
ಬಂಟ ವಧು
ನಾನು 22ರ ಹರೆಯದ ಬಂಟ ಯುವತಿ. ಎಸ್ ಎಸ್ ಎಲ್ ಸಿವರೆಗೆ ಓದಿದ್ದೇನೆ. ನನಗೆ 45ರ ಒಳಗಿನ ಬಂಟ ವರ ಇದ್ದರೆ ತಿಳಿಸಿ.
ಕುಲಾಲ ವಧು
ನಾನು 22ರ ಹರೆಯದ ಕುಲಾಲ ಯುವತಿ. 10ನೇ ತರಗತಿವರೆಗೆ ಓದಿದ್ದೇನೆ. ನನಗೆ 30ರ ಒಳಗಿನ ಕುಲಾಲ ವರ ಇದ್ದರೆ ತಿಳಿಸಿ.
ಕ್ರಿಶ್ಚಿಯನ್ ವರ
ನಾನು 29ರ ಹರೆಯದ ಕ್ರಿಶ್ಚಿಯನ್ ಯುವಕ. ವಿದೇಶದಲ್ಲಿದ್ದೇನೆ. 24ರ ಒಳಗಿನ ಕ್ರಿಶ್ಚಿಯನ್ ಯುವತಿ ಇದ್ದರೆ ತಿಳಿಸಿ.
ಬಂಟ ವಧು
ನಾನು 34ರ ಹರೆಯದ ಬಂಟ ಯುವತಿ. ನನಗೆ 40ರ ಒಳಗಿನ ಬಂಟ ವರ ಇದ್ದರೆ ತಿಳಿಸಿ.
ಜೋಗಿ ವಧು
ನಾನು 38ರ ಹರೆಯದ ಜೋಗಿ ಯುವತಿ. ನನಗೆ 45ರ ಒಳಗಿನ ವರ ಇದ್ದರೆ ತಿಳಿಸಿ.
ಕುಲಾಲ ವಧು
ನಾನು 36ರ ಹರೆಯದ ಕುಲಾಲ ಯುವತಿ. ಬಿ.ಎ. ಪದವೀಧರೆ. ಉದ್ಯೋಗದಲ್ಲಿದ್ದೇನೆ. ನನಗೆ 42ರ ಒಳಗಿನ ಕುಲಾಲ ವರ ಬೇಕು.
ಕುಲಾಲ ವಧು
ನಾನು 28ರ ಹರೆಯದ ಕುಲಾಲ ಯುವತಿ. ನನಗೆ 35ರ ಒಳಗಿನ ಕುಲಾಲ ವರ ಇದ್ದರೆ ತಿಳಿಸಿ.
ಬಂಟ ವಧು
ನಾನು 26ರ ಹರೆಯದ ಬಂಟ ಯುವತಿ 9ನೇ ತರಗತಿವರೆಗೆ ಓದಿದ್ದೇನೆ. 35ರ ಒಳಗಿನ ಯುವಕ ಇದ್ದರೆ ತಿಳಿಸಿ. ವಿಧುರನಾದರೂ ಪರವಾಗಿಲ್ಲ.
ಇದು ಜಯಕಿರಣದ ಉಚಿತ ಸೇವೆ
ಜಯಕಿರಣ
ಇಲ್ಲಿ ಪ್ರಕಟವಾಗುವ ವಿವಾಹ ಆಹ್ವಾನಿತ ಜಾತಿ ಭಾವಚಿತ್ರ ಸಹಿತ ಕಳುಹಿಸಿ. ಕಚೇರಿಗೆ ತಲುಪಿಸಿ ಎಲ್ಲರಿಗೂ ಅವಕಾಶ. ವಿವಾಹವಾಗ ಬಯಸುವವರು ತಕ್ಷಣ ಭಾವಚಿತ್ರ ಸಹಿತ ಕೈಬರಹ ಜಯಕಿರಣ ಕಚೇರಿಗೆ ತಲುಪಿಸಿ
ವಧೂ-ವರರ ಗಮನಕ್ಕೆ
ನೆಂಟಸ್ತಿಕೆ ಬಯಸುವ ವಿವಿಧ ಜಾತಿ, ಧರ್ಮಗಳ ವಧುವರರು ಜಯಕಿರಣ ಕಚೇರಿಯ ಆಡಳಿತ ವಿಭಾಗವನ್ನು ಸೂಕ್ತ ಭಾವಚಿತ್ರ ಹಾಗೂ ವಿವರ ಸಹಿತ ಸಂಪರ್ಕಿಸಿ.
ಸಮಯ: ಬೆಳಗ್ಗೆ 9ರಿಂದ ಸಂಜೆ 5 ಗಂಟೆ
ಭಾನುವಾರ ಸಂಪರ್ಕವಿಲ್ಲ
ಜಯಕಿರಣ ದಿನಪತ್ರಿಕೆ ಕಚೇರಿ ಬೆಂದ್ರೆ, ಸಿಸ್ಟ್ರ್ಯಾಷ್ ಹೌಸ್ ಕೆಳಗಿನ ರಸ್ತೆ, ಬಿಜೈ, ಮಂಗಳೂರು
ಫೋನ್: 0824-4265769
ಬಿಲ್ಲವ ವರ
ನಾನು 30ವರ್ಷದ ಬಿಲ್ಲವ ಯುವಕ. ಪಿಯುಸಿವರೆಗೆ ಓದಿದ್ದೇನೆ. ನನಗೆ 26ರ ಒಳಗಿನ ಯುವತಿ ಇದ್ದರೆ ತಿಳಿಸಿ.
ಬಿಲ್ಲವ ವಧು
ನಾನು 31ರ ಹರೆಯದ ಬಿಲ್ಲವ ಯುವತಿ ಪಿಯುಸಿವರೆಗೆ ಓದಿದ್ದೇನೆ. ನನಗೆ 40ರ ಒಳಗಿನ ಬಿಲ್ಲವ ವರ ಇದ್ದರೆ ತಿಳಿಸಿ.
ಬಂಟ ವಧು
ನಾನು 36 ಹರೆಯದ ಬಂಟ ಯುವತಿ. ಬಿ.ಕಾಂ ಓದಿದ್ದೇನೆ. 45ರ ಒಳಗಿನ ಬಂಟ ವರ. ಬಂಟ ಜಾತಿಯ ಯುವಕರಿದ್ದರೆ ತಿಳಿಸಿ.
ಬಂಟ ವಧು
ನಾನು 33ರ ಹರೆಯದ ಬಂಟ ಯುವತಿ. ಎಸ್‌ಎಸ್‌ಎಲ್‌ಸಿ ಓದಿದ್ದೇನೆ. ನನಗೆ 38 ವರ್ಷದ ಒಳಗಿನ ಬಂಟ ವರ ಇದ್ದರೆ ತಿಳಿಸಿ.
ಬಂಟ ವಧು
ನಾನು 40ರ ಹರೆಯದ ಬಂಟ ಯುವತಿ. 50ರ ಒಳಗಿನ ವರ ಬೇಕು. ಬೇರೆ ಜಾತಿಯಾದ್ದರೂ ಪರವಾಗಿಲ್ಲ.
ಕ್ರಿಶ್ಚಿಯನ್ ವರ
ನಾನು 25ರ ಹರೆಯದ ಕ್ರಿಶ್ಚಿಯನ್ ಯುವಕ. ಆರ್ಟ ತರಗತಿವರೆಗೆ ಓದಿದ್ದೇನೆ. ಉದ್ಯೋಗಿ. 24ರ ಒಳಗಿನ ಕ್ರಿಶ್ಚಿಯನ್ ಯುವತಿ ಇದ್ದರೆ ತಿಳಿಸಿ.
